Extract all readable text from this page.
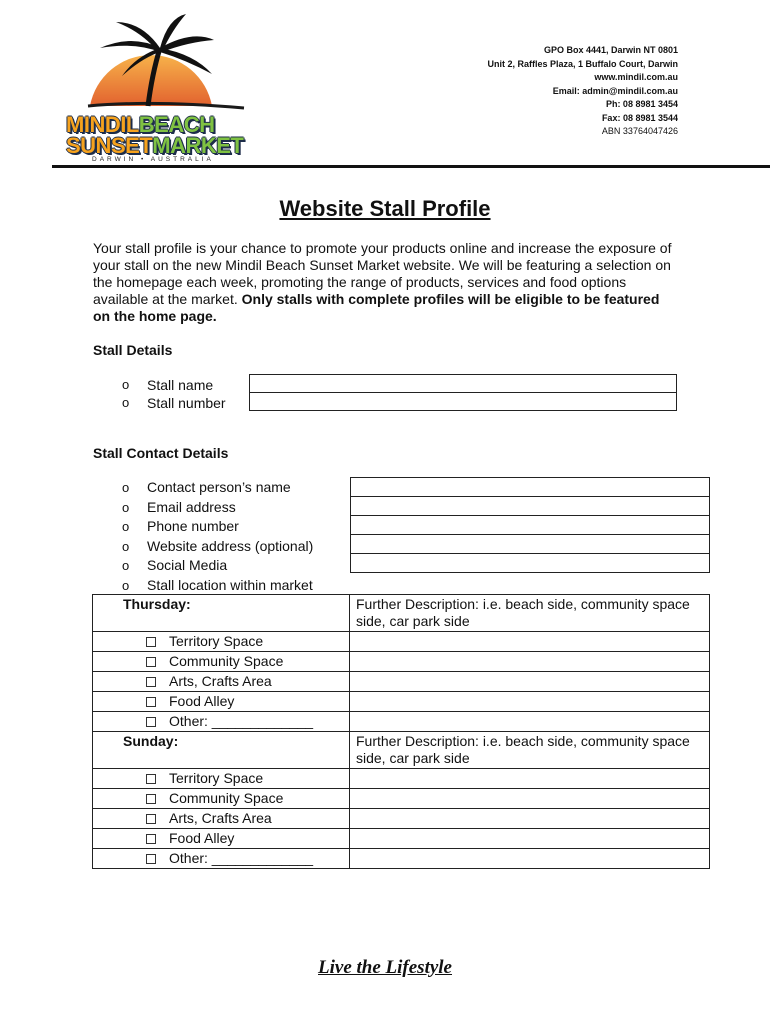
MINDILBEACH
SUNSETMARKET
DARWIN • AUSTRALIA
GPO Box 4441, Darwin NT 0801
Unit 2, Raffles Plaza, 1 Buffalo Court, Darwin
www.mindil.com.au
Email: admin@mindil.com.au
Ph: 08 8981 3454
Fax: 08 8981 3544
ABN 33764047426
Website Stall Profile
Your stall profile is your chance to promote your products online and increase the exposure of your stall on the new Mindil Beach Sunset Market website. We will be featuring a selection on the homepage each week, promoting the range of products, services and food options available at the market. Only stalls with complete profiles will be eligible to be featured on the home page.
Stall Details
o Stall name
o Stall number
Stall Contact Details
o Contact person’s name
o Email address
o Phone number
o Website address (optional)
o Social Media
o Stall location within market
Thursday:	Further Description: i.e. beach side, community space side, car park side
Territory Space
Community Space
Arts, Crafts Area
Food Alley
Other: _____________
Sunday:	Further Description: i.e. beach side, community space side, car park side
Territory Space
Community Space
Arts, Crafts Area
Food Alley
Other: _____________
Live the Lifestyle
